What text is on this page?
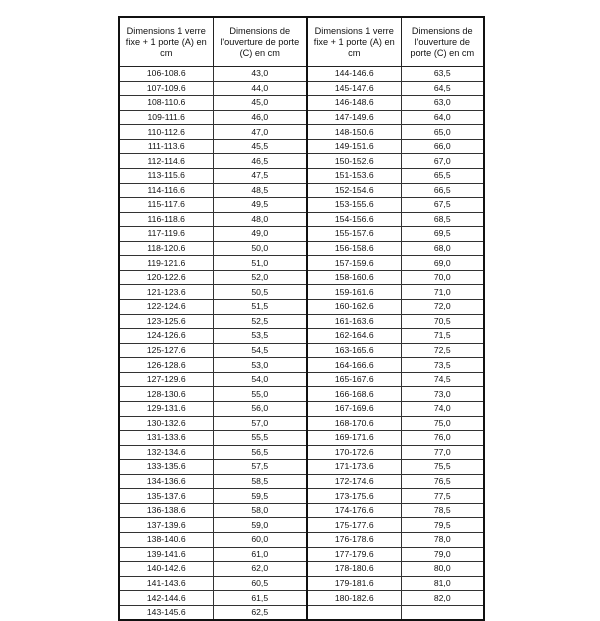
Dimensions 1 verre fixe + 1 porte (A) en cm	Dimensions de l'ouverture de porte (C) en cm	Dimensions 1 verre fixe + 1 porte (A) en cm	Dimensions de l'ouverture de porte (C) en cm
106-108.6	43,0	144-146.6	63,5
107-109.6	44,0	145-147.6	64,5
108-110.6	45,0	146-148.6	63,0
109-111.6	46,0	147-149.6	64,0
110-112.6	47,0	148-150.6	65,0
111-113.6	45,5	149-151.6	66,0
112-114.6	46,5	150-152.6	67,0
113-115.6	47,5	151-153.6	65,5
114-116.6	48,5	152-154.6	66,5
115-117.6	49,5	153-155.6	67,5
116-118.6	48,0	154-156.6	68,5
117-119.6	49,0	155-157.6	69,5
118-120.6	50,0	156-158.6	68,0
119-121.6	51,0	157-159.6	69,0
120-122.6	52,0	158-160.6	70,0
121-123.6	50,5	159-161.6	71,0
122-124.6	51,5	160-162.6	72,0
123-125.6	52,5	161-163.6	70,5
124-126.6	53,5	162-164.6	71,5
125-127.6	54,5	163-165.6	72,5
126-128.6	53,0	164-166.6	73,5
127-129.6	54,0	165-167.6	74,5
128-130.6	55,0	166-168.6	73,0
129-131.6	56,0	167-169.6	74,0
130-132.6	57,0	168-170.6	75,0
131-133.6	55,5	169-171.6	76,0
132-134.6	56,5	170-172.6	77,0
133-135.6	57,5	171-173.6	75,5
134-136.6	58,5	172-174.6	76,5
135-137.6	59,5	173-175.6	77,5
136-138.6	58,0	174-176.6	78,5
137-139.6	59,0	175-177.6	79,5
138-140.6	60,0	176-178.6	78,0
139-141.6	61,0	177-179.6	79,0
140-142.6	62,0	178-180.6	80,0
141-143.6	60,5	179-181.6	81,0
142-144.6	61,5	180-182.6	82,0
143-145.6	62,5		
